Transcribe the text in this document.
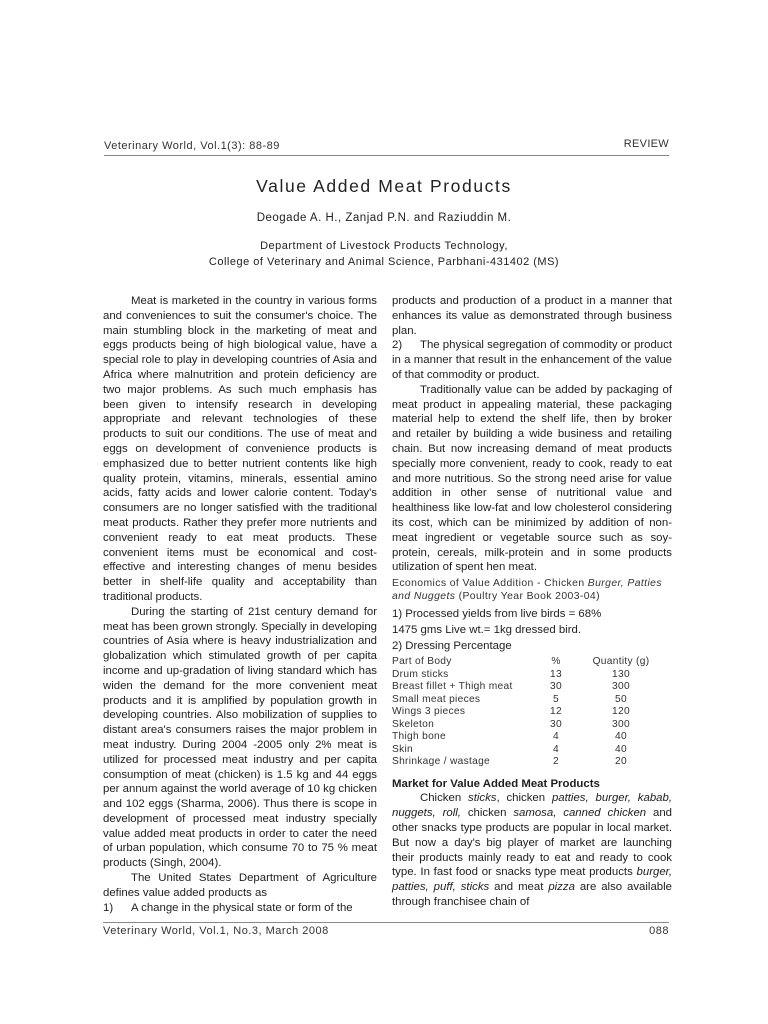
Veterinary World, Vol.1(3): 88-89	REVIEW
Value Added Meat Products
Deogade A. H., Zanjad P.N. and Raziuddin M.
Department of Livestock Products Technology,
College of Veterinary and Animal Science, Parbhani-431402 (MS)

Meat is marketed in the country in various forms and conveniences to suit the consumer's choice. The main stumbling block in the marketing of meat and eggs products being of high biological value, have a special role to play in developing countries of Asia and Africa where malnutrition and protein deficiency are two major problems. As such much emphasis has been given to intensify research in developing appropriate and relevant technologies of these products to suit our conditions. The use of meat and eggs on development of convenience products is emphasized due to better nutrient contents like high quality protein, vitamins, minerals, essential amino acids, fatty acids and lower calorie content. Today's consumers are no longer satisfied with the traditional meat products. Rather they prefer more nutrients and convenient ready to eat meat products. These convenient items must be economical and cost-effective and interesting changes of menu besides better in shelf-life quality and acceptability than traditional products.

During the starting of 21st century demand for meat has been grown strongly. Specially in developing countries of Asia where is heavy industrialization and globalization which stimulated growth of per capita income and up-gradation of living standard which has widen the demand for the more convenient meat products and it is amplified by population growth in developing countries. Also mobilization of supplies to distant area's consumers raises the major problem in meat industry. During 2004 -2005 only 2% meat is utilized for processed meat industry and per capita consumption of meat (chicken) is 1.5 kg and 44 eggs per annum against the world average of 10 kg chicken and 102 eggs (Sharma, 2006). Thus there is scope in development of processed meat industry specially value added meat products in order to cater the need of urban population, which consume 70 to 75 % meat products (Singh, 2004).

The United States Department of Agriculture defines value added products as

1) A change in the physical state or form of the

products and production of a product in a manner that enhances its value as demonstrated through business plan.

2) The physical segregation of commodity or product in a manner that result in the enhancement of the value of that commodity or product.

Traditionally value can be added by packaging of meat product in appealing material, these packaging material help to extend the shelf life, then by broker and retailer by building a wide business and retailing chain. But now increasing demand of meat products specially more convenient, ready to cook, ready to eat and more nutritious. So the strong need arise for value addition in other sense of nutritional value and healthiness like low-fat and low cholesterol considering its cost, which can be minimized by addition of non-meat ingredient or vegetable source such as soy-protein, cereals, milk-protein and in some products utilization of spent hen meat.

Economics of Value Addition - Chicken Burger, Patties and Nuggets (Poultry Year Book 2003-04)
1) Processed yields from live birds = 68%
1475 gms Live wt.= 1kg dressed bird.
2) Dressing Percentage
Part of Body	%	Quantity (g)
Drum sticks	13	130
Breast fillet + Thigh meat	30	300
Small meat pieces	5	50
Wings 3 pieces	12	120
Skeleton	30	300
Thigh bone	4	40
Skin	4	40
Shrinkage / wastage	2	20
Market for Value Added Meat Products

Chicken sticks, chicken patties, burger, kabab, nuggets, roll, chicken samosa, canned chicken and other snacks type products are popular in local market. But now a day's big player of market are launching their products mainly ready to eat and ready to cook type. In fast food or snacks type meat products burger, patties, puff, sticks and meat pizza are also available through franchisee chain of

Veterinary World, Vol.1, No.3, March 2008	088
